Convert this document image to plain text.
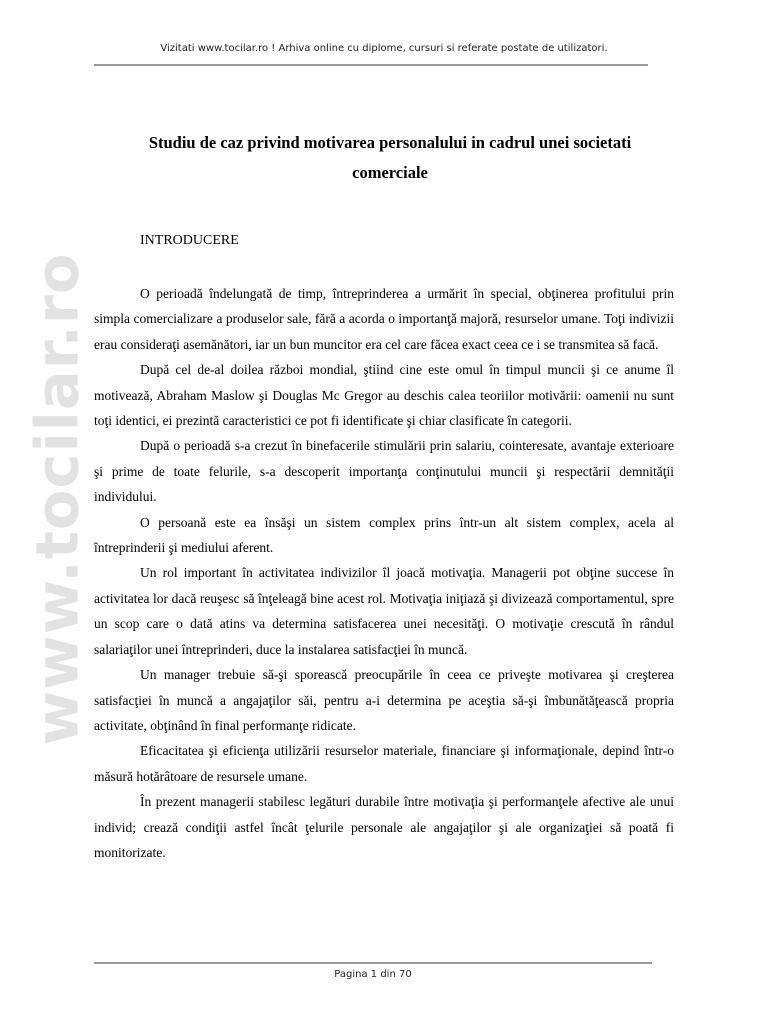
Vizitati www.tocilar.ro ! Arhiva online cu diplome, cursuri si referate postate de utilizatori.
www.tocilar.ro
Studiu de caz privind motivarea personalului in cadrul unei societati comerciale
INTRODUCERE

O perioadă îndelungată de timp, întreprinderea a urmărit în special, obţinerea profitului prin simpla comercializare a produselor sale, fără a acorda o importanţă majoră, resurselor umane. Toţi indivizii erau consideraţi asemănători, iar un bun muncitor era cel care făcea exact ceea ce i se transmitea să facă.

După cel de-al doilea război mondial, ştiind cine este omul în timpul muncii şi ce anume îl motivează, Abraham Maslow şi Douglas Mc Gregor au deschis calea teoriilor motivării: oamenii nu sunt toţi identici, ei prezintă caracteristici ce pot fi identificate şi chiar clasificate în categorii.

După o perioadă s-a crezut în binefacerile stimulării prin salariu, cointeresate, avantaje exterioare şi prime de toate felurile, s-a descoperit importanţa conţinutului muncii şi respectării demnităţii individului.

O persoană este ea însăşi un sistem complex prins într-un alt sistem complex, acela al întreprinderii şi mediului aferent.

Un rol important în activitatea indivizilor îl joacă motivaţia. Managerii pot obţine succese în activitatea lor dacă reuşesc să înţeleagă bine acest rol. Motivaţia iniţiază şi divizează comportamentul, spre un scop care o dată atins va determina satisfacerea unei necesităţi. O motivaţie crescută în rândul salariaţilor unei întreprinderi, duce la instalarea satisfacţiei în muncă.

Un manager trebuie să-şi sporească preocupările în ceea ce priveşte motivarea şi creşterea satisfacţiei în muncă a angajaţilor săi, pentru a-i determina pe aceştia să-şi îmbunătăţească propria activitate, obţinând în final performanţe ridicate.

Eficacitatea şi eficienţa utilizării resurselor materiale, financiare şi informaţionale, depind într-o măsură hotărâtoare de resursele umane.

În prezent managerii stabilesc legături durabile între motivaţia şi performanţele afective ale unui individ; crează condiţii astfel încât ţelurile personale ale angajaţilor şi ale organizaţiei să poată fi monitorizate.

Pagina 1 din 70
